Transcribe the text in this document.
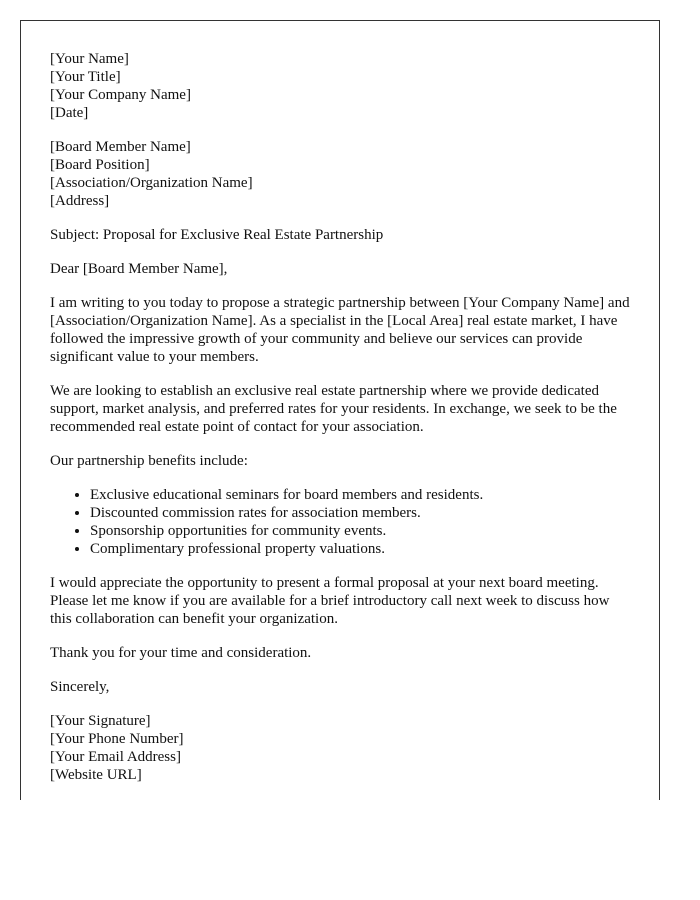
[Your Name]
[Your Title]
[Your Company Name]
[Date]
[Board Member Name]
[Board Position]
[Association/Organization Name]
[Address]

Subject: Proposal for Exclusive Real Estate Partnership

Dear [Board Member Name],

I am writing to you today to propose a strategic partnership between [Your Company Name] and [Association/Organization Name]. As a specialist in the [Local Area] real estate market, I have followed the impressive growth of your community and believe our services can provide significant value to your members.

We are looking to establish an exclusive real estate partnership where we provide dedicated support, market analysis, and preferred rates for your residents. In exchange, we seek to be the recommended real estate point of contact for your association.

Our partnership benefits include:

• Exclusive educational seminars for board members and residents.
• Discounted commission rates for association members.
• Sponsorship opportunities for community events.
• Complimentary professional property valuations.

I would appreciate the opportunity to present a formal proposal at your next board meeting. Please let me know if you are available for a brief introductory call next week to discuss how this collaboration can benefit your organization.

Thank you for your time and consideration.

Sincerely,

[Your Signature]
[Your Phone Number]
[Your Email Address]
[Website URL]
